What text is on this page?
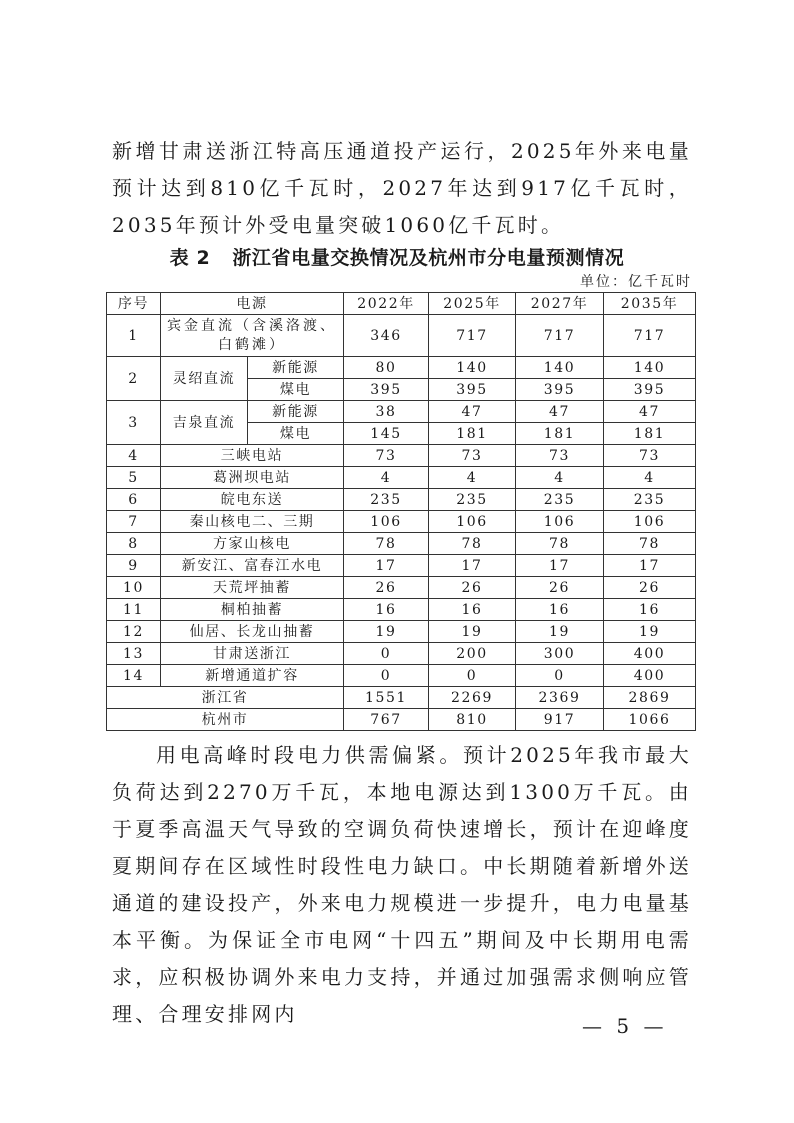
新增甘肃送浙江特高压通道投产运行，2025年外来电量预计达到810亿千瓦时，2027年达到917亿千瓦时，2035年预计外受电量突破1060亿千瓦时。

表 2 浙江省电量交换情况及杭州市分电量预测情况
单位：亿千瓦时
序号	电源		2022年	2025年	2027年	2035年
1	宾金直流（含溪洛渡、白鹤滩）		346	717	717	717
2	灵绍直流	新能源	80	140	140	140
		煤电	395	395	395	395
3	吉泉直流	新能源	38	47	47	47
		煤电	145	181	181	181
4	三峡电站		73	73	73	73
5	葛洲坝电站		4	4	4	4
6	皖电东送		235	235	235	235
7	秦山核电二、三期		106	106	106	106
8	方家山核电		78	78	78	78
9	新安江、富春江水电		17	17	17	17
10	天荒坪抽蓄		26	26	26	26
11	桐柏抽蓄		16	16	16	16
12	仙居、长龙山抽蓄		19	19	19	19
13	甘肃送浙江		0	200	300	400
14	新增通道扩容		0	0	0	400
浙江省			1551	2269	2369	2869
杭州市			767	810	917	1066
— 5 —

用电高峰时段电力供需偏紧。预计2025年我市最大负荷达到2270万千瓦，本地电源达到1300万千瓦。由于夏季高温天气导致的空调负荷快速增长，预计在迎峰度夏期间存在区域性时段性电力缺口。中长期随着新增外送通道的建设投产，外来电力规模进一步提升，电力电量基本平衡。为保证全市电网“十四五”期间及中长期用电需求，应积极协调外来电力支持，并通过加强需求侧响应管理、合理安排网内
